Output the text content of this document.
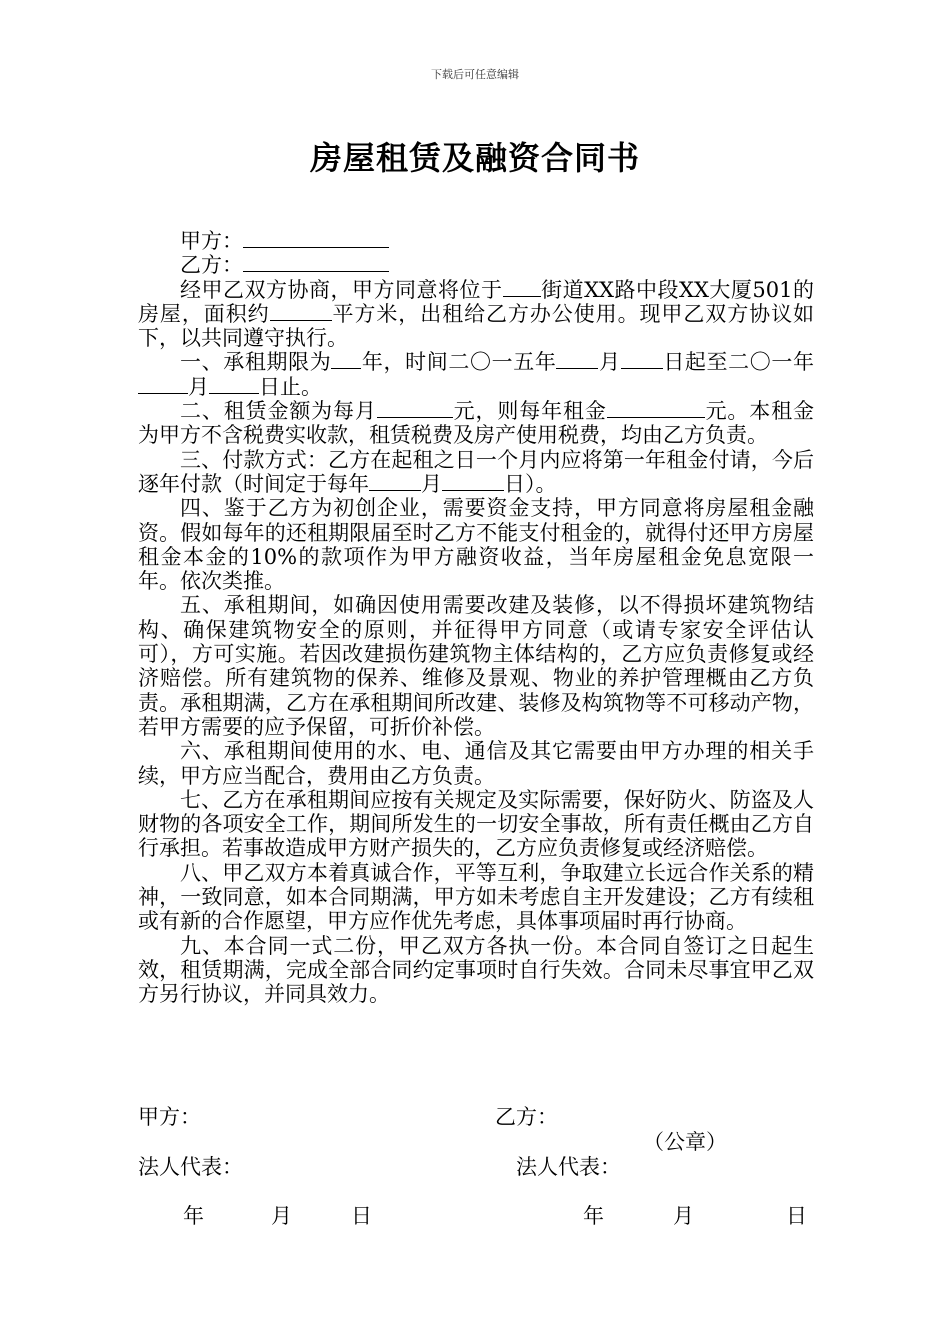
下载后可任意编辑
房屋租赁及融资合同书

甲方：

乙方：

经甲乙双方协商，甲方同意将位于 街道XX路中段XX大厦501的房屋，面积约	平方米，出租给乙方办公使用。现甲乙双方协议如下，以共同遵守执行。

一、承租期限为 年，时间二〇一五年 月 日起至二〇一年月 日止。

二、租赁金额为每月	元，则每年租金	元。本租金为甲方不含税费实收款，租赁税费及房产使用税费，均由乙方负责。

三、付款方式：乙方在起租之日一个月内应将第一年租金付请，今后逐年付款（时间定于每年 月	日）。

四、鉴于乙方为初创企业，需要资金支持，甲方同意将房屋租金融资。假如每年的还租期限届至时乙方不能支付租金的，就得付还甲方房屋租金本金的10%的款项作为甲方融资收益，当年房屋租金免息宽限一年。依次类推。

五、承租期间，如确因使用需要改建及装修，以不得损坏建筑物结构、确保建筑物安全的原则，并征得甲方同意（或请专家安全评估认可），方可实施。若因改建损伤建筑物主体结构的，乙方应负责修复或经济赔偿。所有建筑物的保养、维修及景观、物业的养护管理概由乙方负责。承租期满，乙方在承租期间所改建、装修及构筑物等不可移动产物，若甲方需要的应予保留，可折价补偿。

六、承租期间使用的水、电、通信及其它需要由甲方办理的相关手续，甲方应当配合，费用由乙方负责。

七、乙方在承租期间应按有关规定及实际需要，保好防火、防盗及人财物的各项安全工作，期间所发生的一切安全事故，所有责任概由乙方自行承担。若事故造成甲方财产损失的，乙方应负责修复或经济赔偿。

八、甲乙双方本着真诚合作，平等互利，争取建立长远合作关系的精神，一致同意，如本合同期满，甲方如未考虑自主开发建设；乙方有续租或有新的合作愿望，甲方应作优先考虑，具体事项届时再行协商。

九、本合同一式二份，甲乙双方各执一份。本合同自签订之日起生效，租赁期满，完成全部合同约定事项时自行失效。合同未尽事宜甲乙双方另行协议，并同具效力。

甲方：	乙方：
（公章）
法人代表：	法人代表：
年	月	日	年	月	日
